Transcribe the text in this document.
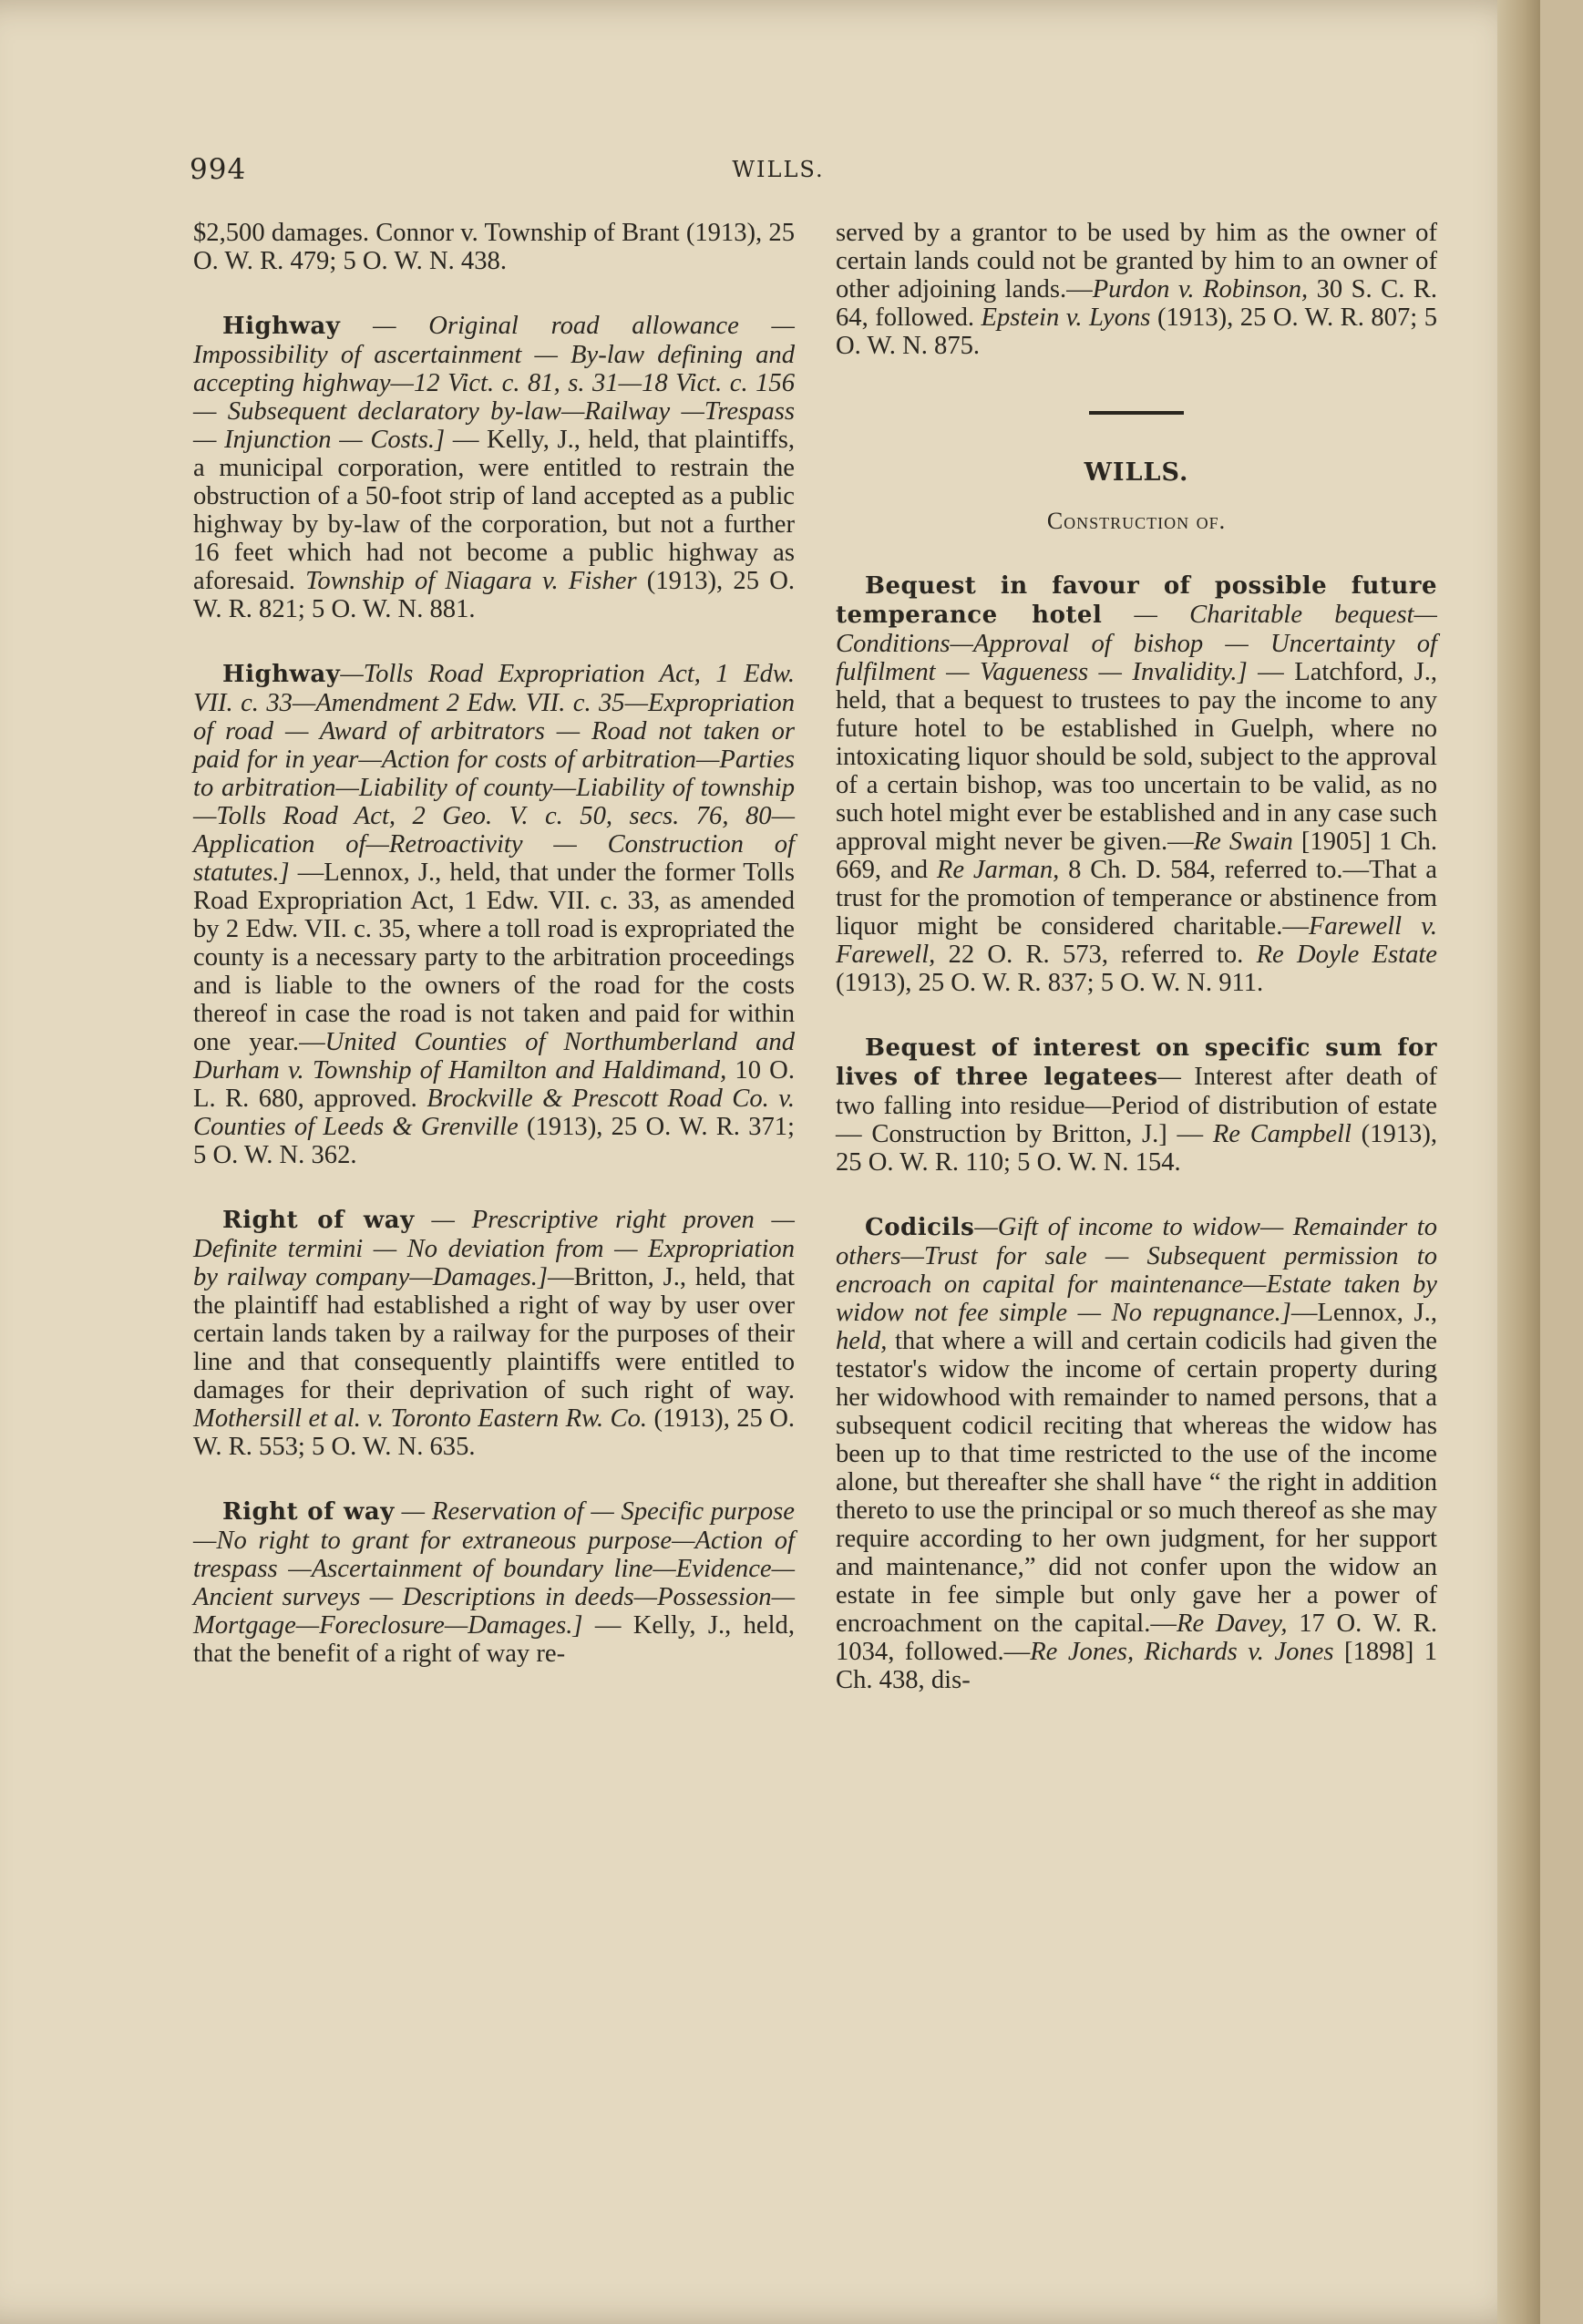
994	WILLS.

$2,500 damages. Connor v. Township of Brant (1913), 25 O. W. R. 479; 5 O. W. N. 438.

Highway — Original road allowance —Impossibility of ascertainment — By-law defining and accepting highway—12 Vict. c. 81, s. 31—18 Vict. c. 156— Subsequent declaratory by-law—Railway —Trespass — Injunction — Costs.] — Kelly, J., held, that plaintiffs, a municipal corporation, were entitled to restrain the obstruction of a 50-foot strip of land accepted as a public highway by by-law of the corporation, but not a further 16 feet which had not become a public highway as aforesaid. Township of Niagara v. Fisher (1913), 25 O. W. R. 821; 5 O. W. N. 881.

Highway—Tolls Road Expropriation Act, 1 Edw. VII. c. 33—Amendment 2 Edw. VII. c. 35—Expropriation of road — Award of arbitrators — Road not taken or paid for in year—Action for costs of arbitration—Parties to arbitration—Liability of county—Liability of township—Tolls Road Act, 2 Geo. V. c. 50, secs. 76, 80—Application of—Retroactivity — Construction of statutes.] —Lennox, J., held, that under the former Tolls Road Expropriation Act, 1 Edw. VII. c. 33, as amended by 2 Edw. VII. c. 35, where a toll road is expropriated the county is a necessary party to the arbitration proceedings and is liable to the owners of the road for the costs thereof in case the road is not taken and paid for within one year.—United Counties of Northumberland and Durham v. Township of Hamilton and Haldimand, 10 O. L. R. 680, approved. Brockville & Prescott Road Co. v. Counties of Leeds & Grenville (1913), 25 O. W. R. 371; 5 O. W. N. 362.

Right of way — Prescriptive right proven — Definite termini — No deviation from — Expropriation by railway company—Damages.]—Britton, J., held, that the plaintiff had established a right of way by user over certain lands taken by a railway for the purposes of their line and that consequently plaintiffs were entitled to damages for their deprivation of such right of way. Mothersill et al. v. Toronto Eastern Rw. Co. (1913), 25 O. W. R. 553; 5 O. W. N. 635.

Right of way — Reservation of — Specific purpose—No right to grant for extraneous purpose—Action of trespass —Ascertainment of boundary line—Evidence—Ancient surveys — Descriptions in deeds—Possession—Mortgage—Foreclosure—Damages.] — Kelly, J., held, that the benefit of a right of way re-

served by a grantor to be used by him as the owner of certain lands could not be granted by him to an owner of other adjoining lands.—Purdon v. Robinson, 30 S. C. R. 64, followed. Epstein v. Lyons (1913), 25 O. W. R. 807; 5 O. W. N. 875.

WILLS.

Construction of.

Bequest in favour of possible future temperance hotel — Charitable bequest—Conditions—Approval of bishop — Uncertainty of fulfilment — Vagueness — Invalidity.] — Latchford, J., held, that a bequest to trustees to pay the income to any future hotel to be established in Guelph, where no intoxicating liquor should be sold, subject to the approval of a certain bishop, was too uncertain to be valid, as no such hotel might ever be established and in any case such approval might never be given.—Re Swain [1905] 1 Ch. 669, and Re Jarman, 8 Ch. D. 584, referred to.—That a trust for the promotion of temperance or abstinence from liquor might be considered charitable.—Farewell v. Farewell, 22 O. R. 573, referred to. Re Doyle Estate (1913), 25 O. W. R. 837; 5 O. W. N. 911.

Bequest of interest on specific sum for lives of three legatees— Interest after death of two falling into residue—Period of distribution of estate — Construction by Britton, J.] — Re Campbell (1913), 25 O. W. R. 110; 5 O. W. N. 154.

Codicils—Gift of income to widow— Remainder to others—Trust for sale — Subsequent permission to encroach on capital for maintenance—Estate taken by widow not fee simple — No repugnance.]—Lennox, J., held, that where a will and certain codicils had given the testator's widow the income of certain property during her widowhood with remainder to named persons, that a subsequent codicil reciting that whereas the widow has been up to that time restricted to the use of the income alone, but thereafter she shall have “ the right in addition thereto to use the principal or so much thereof as she may require according to her own judgment, for her support and maintenance,” did not confer upon the widow an estate in fee simple but only gave her a power of encroachment on the capital.—Re Davey, 17 O. W. R. 1034, followed.—Re Jones, Richards v. Jones [1898] 1 Ch. 438, dis-
